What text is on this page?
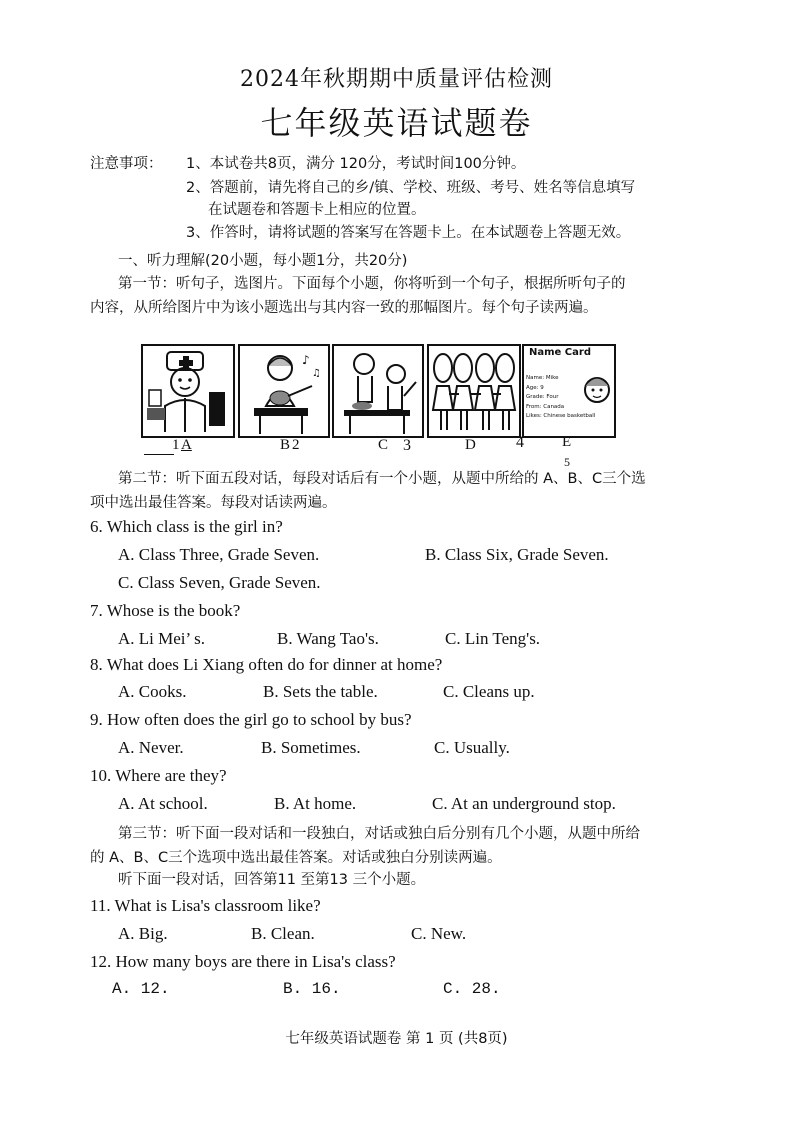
2024年秋期期中质量评估检测
七年级英语试题卷
注意事项： 1、本试卷共8页，满分 120分，考试时间100分钟。
2、答题前，请先将自己的乡/镇、学校、班级、考号、姓名等信息填写
在试题卷和答题卡上相应的位置。
3、作答时，请将试题的答案写在答题卡上。在本试题卷上答题无效。
一、听力理解(20小题，每小题1分，共20分)
第一节：听句子，选图片。下面每个小题，你将听到一个句子，根据所听句子的
内容，从所给图片中为该小题选出与其内容一致的那幅图片。每个句子读两遍。
♪
♫
Name Card
Name: Mike
Age: 9
Grade: Four
From: Canada
Likes: Chinese basketball
1 A	B 2	C 3	D	4	E
5
第二节：听下面五段对话，每段对话后有一个小题，从题中所给的 A、B、C三个选
项中选出最佳答案。每段对话读两遍。
6. Which class is the girl in?
A. Class Three, Grade Seven.	B. Class Six, Grade Seven.
C. Class Seven, Grade Seven.
7. Whose is the book?
A. Li Mei’ s.	B. Wang Tao's.	C. Lin Teng's.
8. What does Li Xiang often do for dinner at home?
A. Cooks.	B. Sets the table.	C. Cleans up.
9. How often does the girl go to school by bus?
A. Never.	B. Sometimes.	C. Usually.
10. Where are they?
A. At school.	B. At home.	C. At an underground stop.
第三节：听下面一段对话和一段独白，对话或独白后分别有几个小题，从题中所给
的 A、B、C三个选项中选出最佳答案。对话或独白分别读两遍。
听下面一段对话，回答第11 至第13 三个小题。
11. What is Lisa's classroom like?
A. Big.	B. Clean.	C. New.
12. How many boys are there in Lisa's class?
A. 12.	B. 16.	C. 28.
七年级英语试题卷 第 1 页 (共8页)
